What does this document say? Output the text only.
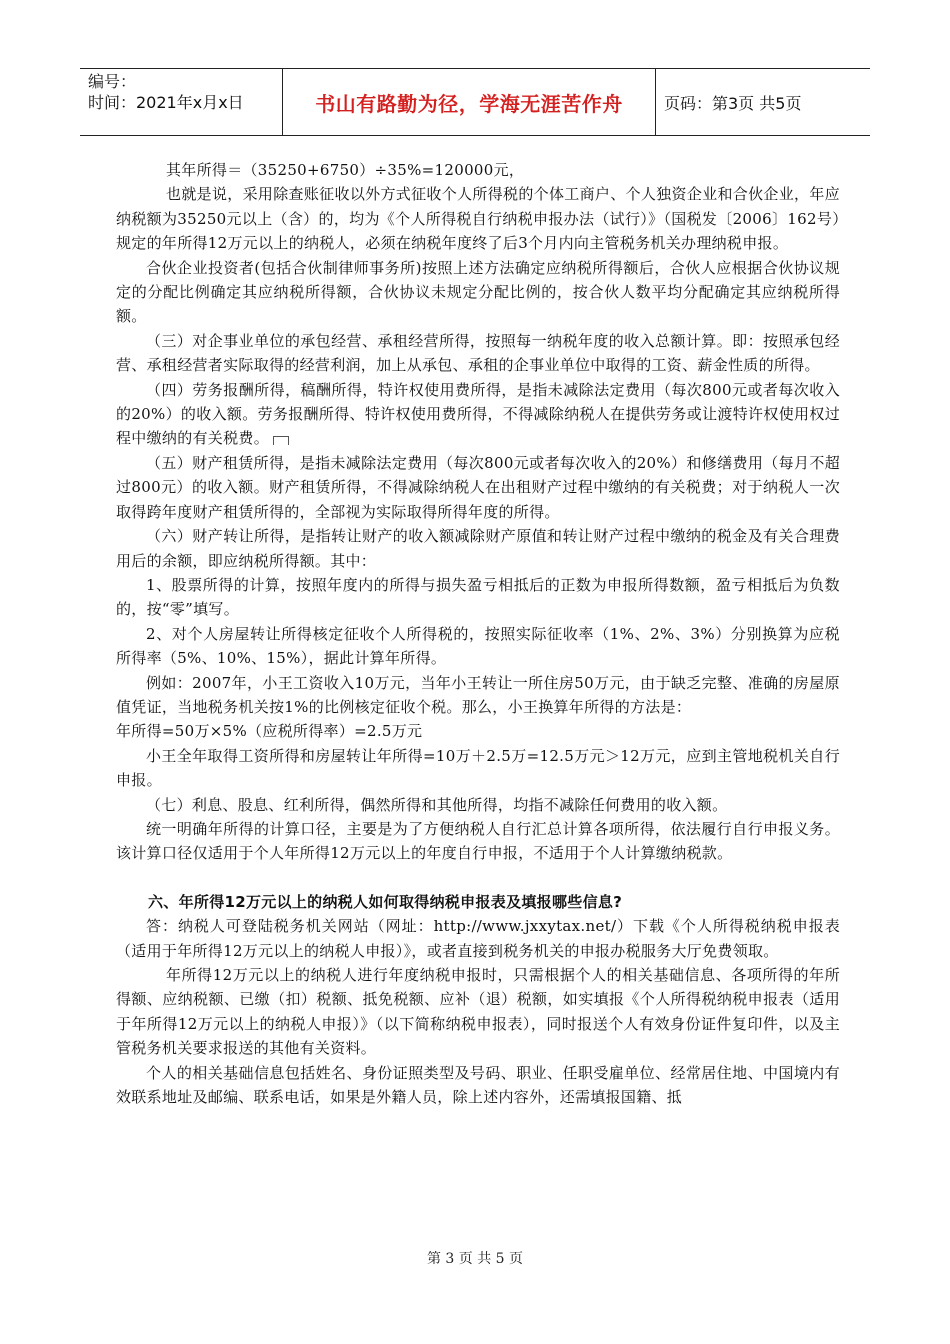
编号：
时间：2021年x月x日	书山有路勤为径，学海无涯苦作舟	页码：第3页 共5页

其年所得＝（35250+6750）÷35%=120000元，

也就是说，采用除查账征收以外方式征收个人所得税的个体工商户、个人独资企业和合伙企业，年应纳税额为35250元以上（含）的，均为《个人所得税自行纳税申报办法（试行）》（国税发〔2006〕162号）规定的年所得12万元以上的纳税人，必须在纳税年度终了后3个月内向主管税务机关办理纳税申报。

合伙企业投资者(包括合伙制律师事务所)按照上述方法确定应纳税所得额后，合伙人应根据合伙协议规定的分配比例确定其应纳税所得额，合伙协议未规定分配比例的，按合伙人数平均分配确定其应纳税所得额。

（三）对企事业单位的承包经营、承租经营所得，按照每一纳税年度的收入总额计算。即：按照承包经营、承租经营者实际取得的经营利润，加上从承包、承租的企事业单位中取得的工资、薪金性质的所得。

（四）劳务报酬所得，稿酬所得，特许权使用费所得，是指未减除法定费用（每次800元或者每次收入的20%）的收入额。劳务报酬所得、特许权使用费所得，不得减除纳税人在提供劳务或让渡特许权使用权过程中缴纳的有关税费。

（五）财产租赁所得，是指未减除法定费用（每次800元或者每次收入的20%）和修缮费用（每月不超过800元）的收入额。财产租赁所得，不得减除纳税人在出租财产过程中缴纳的有关税费；对于纳税人一次取得跨年度财产租赁所得的，全部视为实际取得所得年度的所得。

（六）财产转让所得，是指转让财产的收入额减除财产原值和转让财产过程中缴纳的税金及有关合理费用后的余额，即应纳税所得额。其中：

1、股票所得的计算，按照年度内的所得与损失盈亏相抵后的正数为申报所得数额，盈亏相抵后为负数的，按“零”填写。

2、对个人房屋转让所得核定征收个人所得税的，按照实际征收率（1%、2%、3%）分别换算为应税所得率（5%、10%、15%），据此计算年所得。

例如：2007年，小王工资收入10万元，当年小王转让一所住房50万元，由于缺乏完整、准确的房屋原值凭证，当地税务机关按1%的比例核定征收个税。那么，小王换算年所得的方法是：

年所得=50万×5%（应税所得率）=2.5万元

小王全年取得工资所得和房屋转让年所得=10万＋2.5万=12.5万元＞12万元，应到主管地税机关自行申报。

（七）利息、股息、红利所得，偶然所得和其他所得，均指不减除任何费用的收入额。

统一明确年所得的计算口径，主要是为了方便纳税人自行汇总计算各项所得，依法履行自行申报义务。该计算口径仅适用于个人年所得12万元以上的年度自行申报，不适用于个人计算缴纳税款。

六、年所得12万元以上的纳税人如何取得纳税申报表及填报哪些信息?

答：纳税人可登陆税务机关网站（网址：http://www.jxxytax.net/）下载《个人所得税纳税申报表（适用于年所得12万元以上的纳税人申报）》，或者直接到税务机关的申报办税服务大厅免费领取。

年所得12万元以上的纳税人进行年度纳税申报时，只需根据个人的相关基础信息、各项所得的年所得额、应纳税额、已缴（扣）税额、抵免税额、应补（退）税额，如实填报《个人所得税纳税申报表（适用于年所得12万元以上的纳税人申报）》（以下简称纳税申报表），同时报送个人有效身份证件复印件，以及主管税务机关要求报送的其他有关资料。

个人的相关基础信息包括姓名、身份证照类型及号码、职业、任职受雇单位、经常居住地、中国境内有效联系地址及邮编、联系电话，如果是外籍人员，除上述内容外，还需填报国籍、抵

第 3 页 共 5 页
